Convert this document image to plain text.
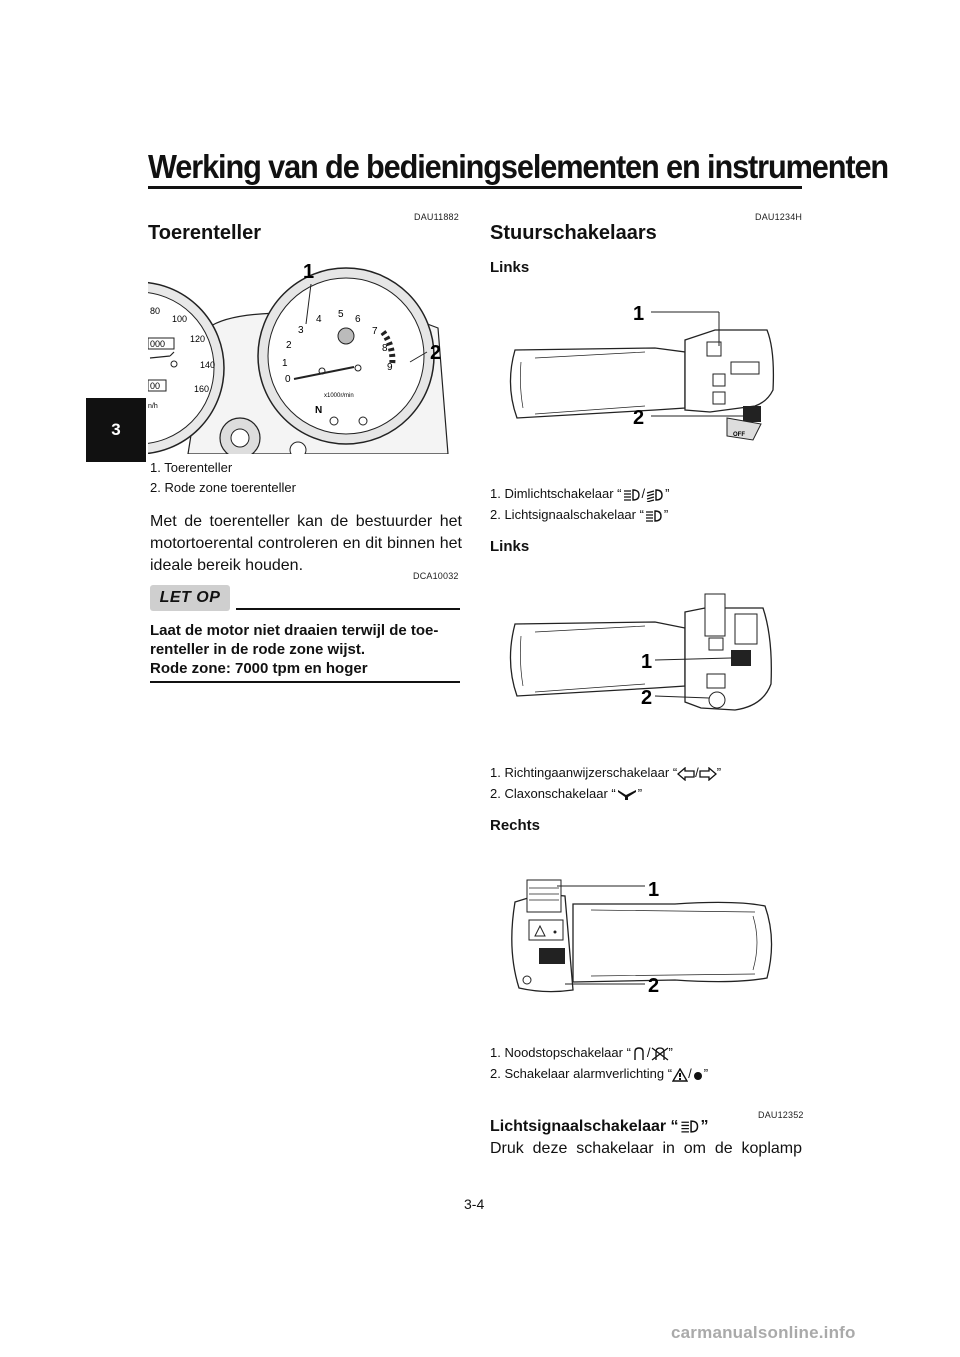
Werking van de bedieningselementen en instrumenten
3
DAU11882
Toerenteller
80
100
120
140
160
n/h
000
00
0
1
2
3
4 5 6
7
8
9
x1000r/min
N
1
2
1. Toerenteller
2. Rode zone toerenteller
Met de toerenteller kan de bestuurder het motortoerental controleren en dit binnen het ideale bereik houden.
DCA10032
LET OP
Laat de motor niet draaien terwijl de toe-
renteller in de rode zone wijst.
Rode zone: 7000 tpm en hoger
DAU1234H
Stuurschakelaars
Links
OFF
1
2
1. Dimlichtschakelaar “ / ”
2. Lichtsignaalschakelaar “ ”
Links
1
2
1. Richtingaanwijzerschakelaar “ / ”
2. Claxonschakelaar “ ”
Rechts
1
2
1. Noodstopschakelaar “ / ”
2. Schakelaar alarmverlichting “ / ”
DAU12352
Lichtsignaalschakelaar “ ”
Druk deze schakelaar in om de koplamp
3-4
carmanualsonline.info
